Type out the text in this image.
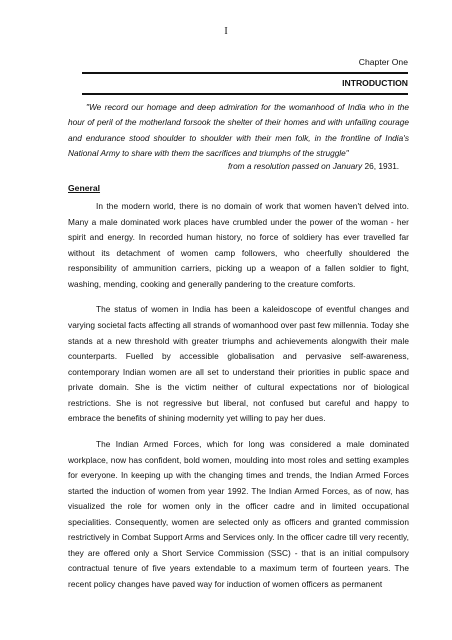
I
Chapter One
INTRODUCTION

"We record our homage and deep admiration for the womanhood of India who in the hour of peril of the motherland forsook the shelter of their homes and with unfailing courage and endurance stood shoulder to shoulder with their men folk, in the frontline of India's National Army to share with them the sacrifices and triumphs of the struggle"

from a resolution passed on January 26, 1931.
General

In the modern world, there is no domain of work that women haven't delved into. Many a male dominated work places have crumbled under the power of the woman - her spirit and energy. In recorded human history, no force of soldiery has ever travelled far without its detachment of women camp followers, who cheerfully shouldered the responsibility of ammunition carriers, picking up a weapon of a fallen soldier to fight, washing, mending, cooking and generally pandering to the creature comforts.

The status of women in India has been a kaleidoscope of eventful changes and varying societal facts affecting all strands of womanhood over past few millennia. Today she stands at a new threshold with greater triumphs and achievements alongwith their male counterparts. Fuelled by accessible globalisation and pervasive self-awareness, contemporary Indian women are all set to understand their priorities in public space and private domain. She is the victim neither of cultural expectations nor of biological restrictions. She is not regressive but liberal, not confused but careful and happy to embrace the benefits of shining modernity yet willing to pay her dues.

The Indian Armed Forces, which for long was considered a male dominated workplace, now has confident, bold women, moulding into most roles and setting examples for everyone. In keeping up with the changing times and trends, the Indian Armed Forces started the induction of women from year 1992. The Indian Armed Forces, as of now, has visualized the role for women only in the officer cadre and in limited occupational specialities. Consequently, women are selected only as officers and granted commission restrictively in Combat Support Arms and Services only. In the officer cadre till very recently, they are offered only a Short Service Commission (SSC) - that is an initial compulsory contractual tenure of five years extendable to a maximum term of fourteen years. The recent policy changes have paved way for induction of women officers as permanent
